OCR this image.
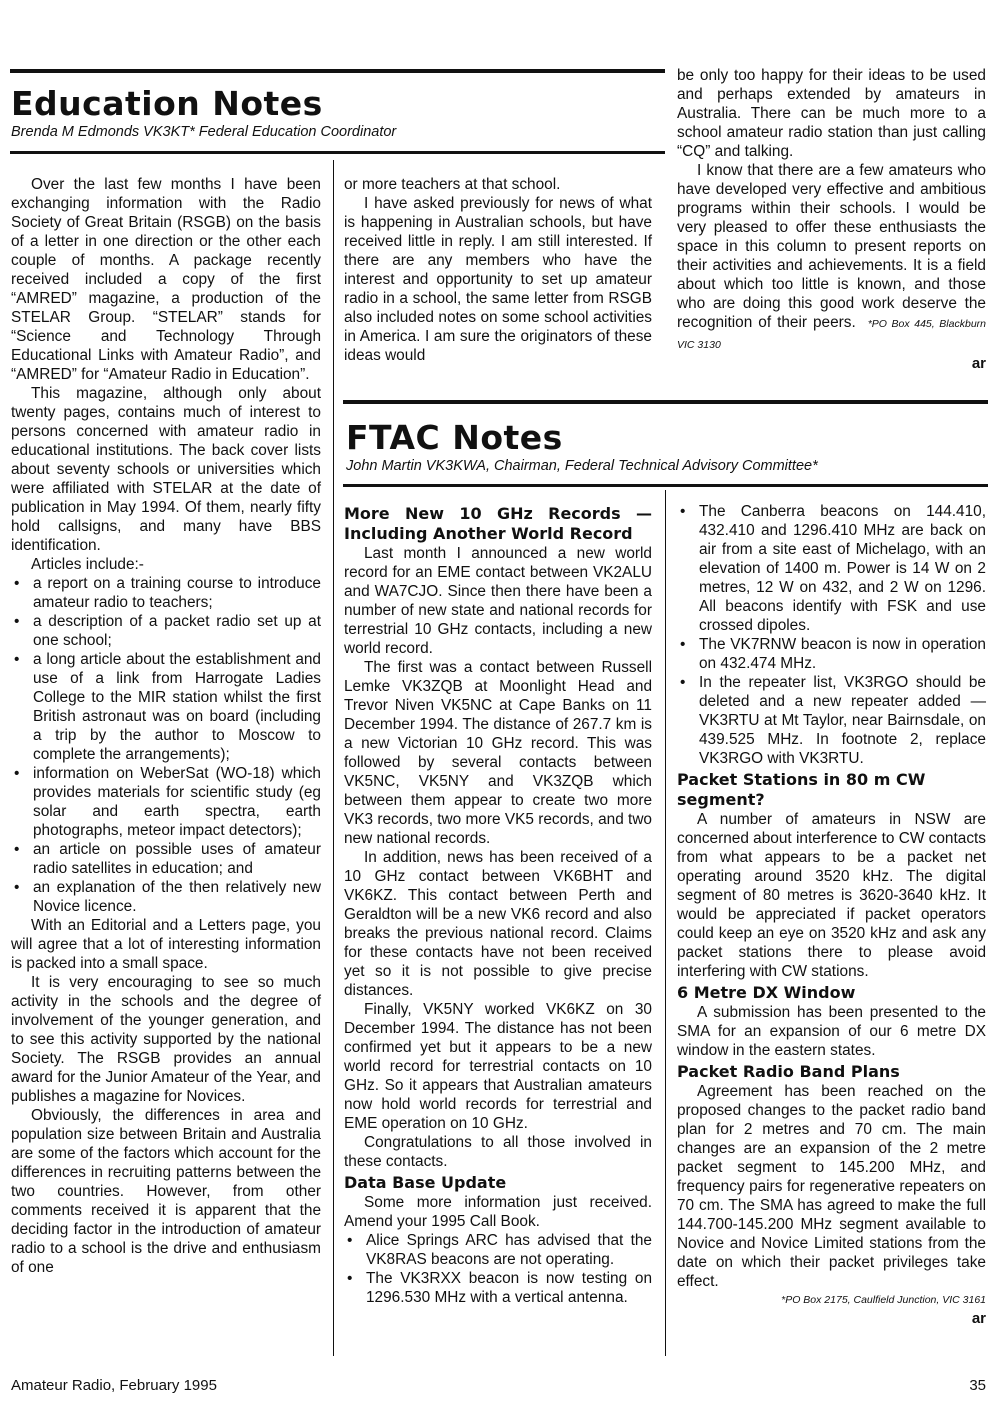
Education Notes
Brenda M Edmonds VK3KT* Federal Education Coordinator

Over the last few months I have been exchanging information with the Radio Society of Great Britain (RSGB) on the basis of a letter in one direction or the other each couple of months. A package recently received included a copy of the first “AMRED” magazine, a production of the STELAR Group. “STELAR” stands for “Science and Technology Through Educational Links with Amateur Radio”, and “AMRED” for “Amateur Radio in Education”.

This magazine, although only about twenty pages, contains much of interest to persons concerned with amateur radio in educational institutions. The back cover lists about seventy schools or universities which were affiliated with STELAR at the date of publication in May 1994. Of them, nearly fifty hold callsigns, and many have BBS identification.

Articles include:-

• a report on a training course to introduce amateur radio to teachers;
• a description of a packet radio set up at one school;
• a long article about the establishment and use of a link from Harrogate Ladies College to the MIR station whilst the first British astronaut was on board (including a trip by the author to Moscow to complete the arrangements);
• information on WeberSat (WO-18) which provides materials for scientific study (eg solar and earth spectra, earth photographs, meteor impact detectors);
• an article on possible uses of amateur radio satellites in education; and
• an explanation of the then relatively new Novice licence.

With an Editorial and a Letters page, you will agree that a lot of interesting information is packed into a small space.

It is very encouraging to see so much activity in the schools and the degree of involvement of the younger generation, and to see this activity supported by the national Society. The RSGB provides an annual award for the Junior Amateur of the Year, and publishes a magazine for Novices.

Obviously, the differences in area and population size between Britain and Australia are some of the factors which account for the differences in recruiting patterns between the two countries. However, from other comments received it is apparent that the deciding factor in the introduction of amateur radio to a school is the drive and enthusiasm of one

or more teachers at that school.

I have asked previously for news of what is happening in Australian schools, but have received little in reply. I am still interested. If there are any members who have the interest and opportunity to set up amateur radio in a school, the same letter from RSGB also included notes on some school activities in America. I am sure the originators of these ideas would

be only too happy for their ideas to be used and perhaps extended by amateurs in Australia. There can be much more to a school amateur radio station than just calling “CQ” and talking.

I know that there are a few amateurs who have developed very effective and ambitious programs within their schools. I would be very pleased to offer these enthusiasts the space in this column to present reports on their activities and achievements. It is a field about which too little is known, and those who are doing this good work deserve the recognition of their peers. *PO Box 445, Blackburn VIC 3130

ar
FTAC Notes
John Martin VK3KWA, Chairman, Federal Technical Advisory Committee*
More New 10 GHz Records — Including Another World Record

Last month I announced a new world record for an EME contact between VK2ALU and WA7CJO. Since then there have been a number of new state and national records for terrestrial 10 GHz contacts, including a new world record.

The first was a contact between Russell Lemke VK3ZQB at Moonlight Head and Trevor Niven VK5NC at Cape Banks on 11 December 1994. The distance of 267.7 km is a new Victorian 10 GHz record. This was followed by several contacts between VK5NC, VK5NY and VK3ZQB which between them appear to create two more VK3 records, two more VK5 records, and two new national records.

In addition, news has been received of a 10 GHz contact between VK6BHT and VK6KZ. This contact between Perth and Geraldton will be a new VK6 record and also breaks the previous national record. Claims for these contacts have not been received yet so it is not possible to give precise distances.

Finally, VK5NY worked VK6KZ on 30 December 1994. The distance has not been confirmed yet but it appears to be a new world record for terrestrial contacts on 10 GHz. So it appears that Australian amateurs now hold world records for terrestrial and EME operation on 10 GHz.

Congratulations to all those involved in these contacts.

Data Base Update

Some more information just received. Amend your 1995 Call Book.

• Alice Springs ARC has advised that the VK8RAS beacons are not operating.
• The VK3RXX beacon is now testing on 1296.530 MHz with a vertical antenna.
• The Canberra beacons on 144.410, 432.410 and 1296.410 MHz are back on air from a site east of Michelago, with an elevation of 1400 m. Power is 14 W on 2 metres, 12 W on 432, and 2 W on 1296. All beacons identify with FSK and use crossed dipoles.
• The VK7RNW beacon is now in operation on 432.474 MHz.
• In the repeater list, VK3RGO should be deleted and a new repeater added — VK3RTU at Mt Taylor, near Bairnsdale, on 439.525 MHz. In footnote 2, replace VK3RGO with VK3RTU.
Packet Stations in 80 m CW segment?

A number of amateurs in NSW are concerned about interference to CW contacts from what appears to be a packet net operating around 3520 kHz. The digital segment of 80 metres is 3620-3640 kHz. It would be appreciated if packet operators could keep an eye on 3520 kHz and ask any packet stations there to please avoid interfering with CW stations.

6 Metre DX Window

A submission has been presented to the SMA for an expansion of our 6 metre DX window in the eastern states.

Packet Radio Band Plans

Agreement has been reached on the proposed changes to the packet radio band plan for 2 metres and 70 cm. The main changes are an expansion of the 2 metre packet segment to 145.200 MHz, and frequency pairs for regenerative repeaters on 70 cm. The SMA has agreed to make the full 144.700-145.200 MHz segment available to Novice and Novice Limited stations from the date on which their packet privileges take effect.

*PO Box 2175, Caulfield Junction, VIC 3161
ar
Amateur Radio, February 1995	35
